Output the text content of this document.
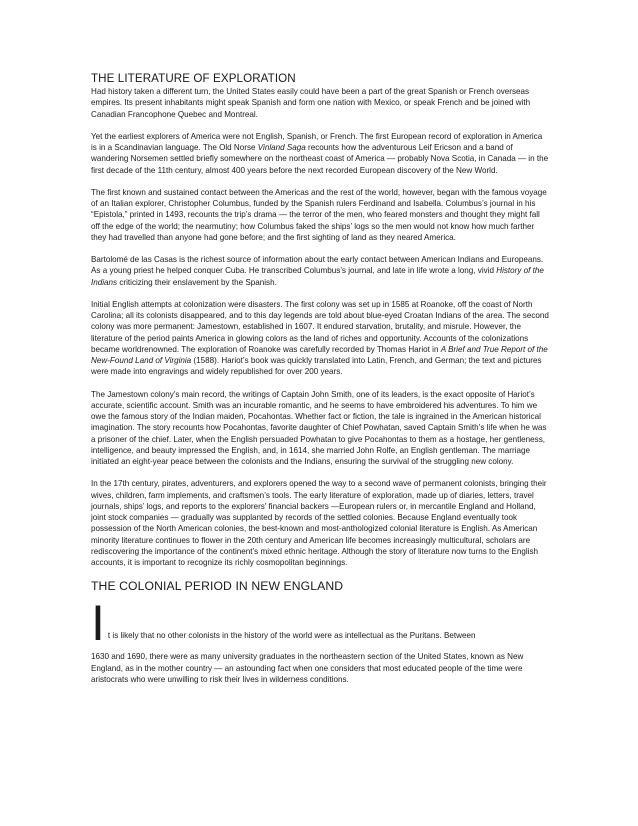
THE LITERATURE OF EXPLORATION

Had history taken a different turn, the United States easily could have been a part of the great Spanish or French overseas empires. Its present inhabitants might speak Spanish and form one nation with Mexico, or speak French and be joined with Canadian Francophone Quebec and Montreal.

Yet the earliest explorers of America were not English, Spanish, or French. The first European record of exploration in America is in a Scandinavian language. The Old Norse Vinland Saga recounts how the adventurous Leif Ericson and a band of wandering Norsemen settled briefly somewhere on the northeast coast of America — probably Nova Scotia, in Canada — in the first decade of the 11th century, almost 400 years before the next recorded European discovery of the New World.

The first known and sustained contact between the Americas and the rest of the world, however, began with the famous voyage of an Italian explorer, Christopher Columbus, funded by the Spanish rulers Ferdinand and Isabella. Columbus’s journal in his “Epistola,” printed in 1493, recounts the trip’s drama — the terror of the men, who feared monsters and thought they might fall off the edge of the world; the nearmutiny; how Columbus faked the ships’ logs so the men would not know how much farther they had travelled than anyone had gone before; and the first sighting of land as they neared America.

Bartolomé de las Casas is the richest source of information about the early contact between American Indians and Europeans. As a young priest he helped conquer Cuba. He transcribed Columbus’s journal, and late in life wrote a long, vivid History of the Indians criticizing their enslavement by the Spanish.

Initial English attempts at colonization were disasters. The first colony was set up in 1585 at Roanoke, off the coast of North Carolina; all its colonists disappeared, and to this day legends are told about blue-eyed Croatan Indians of the area. The second colony was more permanent: Jamestown, established in 1607. It endured starvation, brutality, and misrule. However, the literature of the period paints America in glowing colors as the land of riches and opportunity. Accounts of the colonizations became worldrenowned. The exploration of Roanoke was carefully recorded by Thomas Hariot in A Brief and True Report of the New-Found Land of Virginia (1588). Hariot’s book was quickly translated into Latin, French, and German; the text and pictures were made into engravings and widely republished for over 200 years.

The Jamestown colony’s main record, the writings of Captain John Smith, one of its leaders, is the exact opposite of Hariot’s accurate, scientific account. Smith was an incurable romantic, and he seems to have embroidered his adventures. To him we owe the famous story of the Indian maiden, Pocahontas. Whether fact or fiction, the tale is ingrained in the American historical imagination. The story recounts how Pocahontas, favorite daughter of Chief Powhatan, saved Captain Smith’s life when he was a prisoner of the chief. Later, when the English persuaded Powhatan to give Pocahontas to them as a hostage, her gentleness, intelligence, and beauty impressed the English, and, in 1614, she married John Rolfe, an English gentleman. The marriage initiated an eight-year peace between the colonists and the Indians, ensuring the survival of the struggling new colony.

In the 17th century, pirates, adventurers, and explorers opened the way to a second wave of permanent colonists, bringing their wives, children, farm implements, and craftsmen’s tools. The early literature of exploration, made up of diaries, letters, travel journals, ships’ logs, and reports to the explorers’ financial backers —European rulers or, in mercantile England and Holland, joint stock companies — gradually was supplanted by records of the settled colonies. Because England eventually took possession of the North American colonies, the best-known and most-anthologized colonial literature is English. As American minority literature continues to flower in the 20th century and American life becomes increasingly multicultural, scholars are rediscovering the importance of the continent’s mixed ethnic heritage. Although the story of literature now turns to the English accounts, it is important to recognize its richly cosmopolitan beginnings.

THE COLONIAL PERIOD IN NEW ENGLAND
It is likely that no other colonists in the history of the world were as intellectual as the Puritans. Between

1630 and 1690, there were as many university graduates in the northeastern section of the United States, known as New England, as in the mother country — an astounding fact when one considers that most educated people of the time were aristocrats who were unwilling to risk their lives in wilderness conditions.
